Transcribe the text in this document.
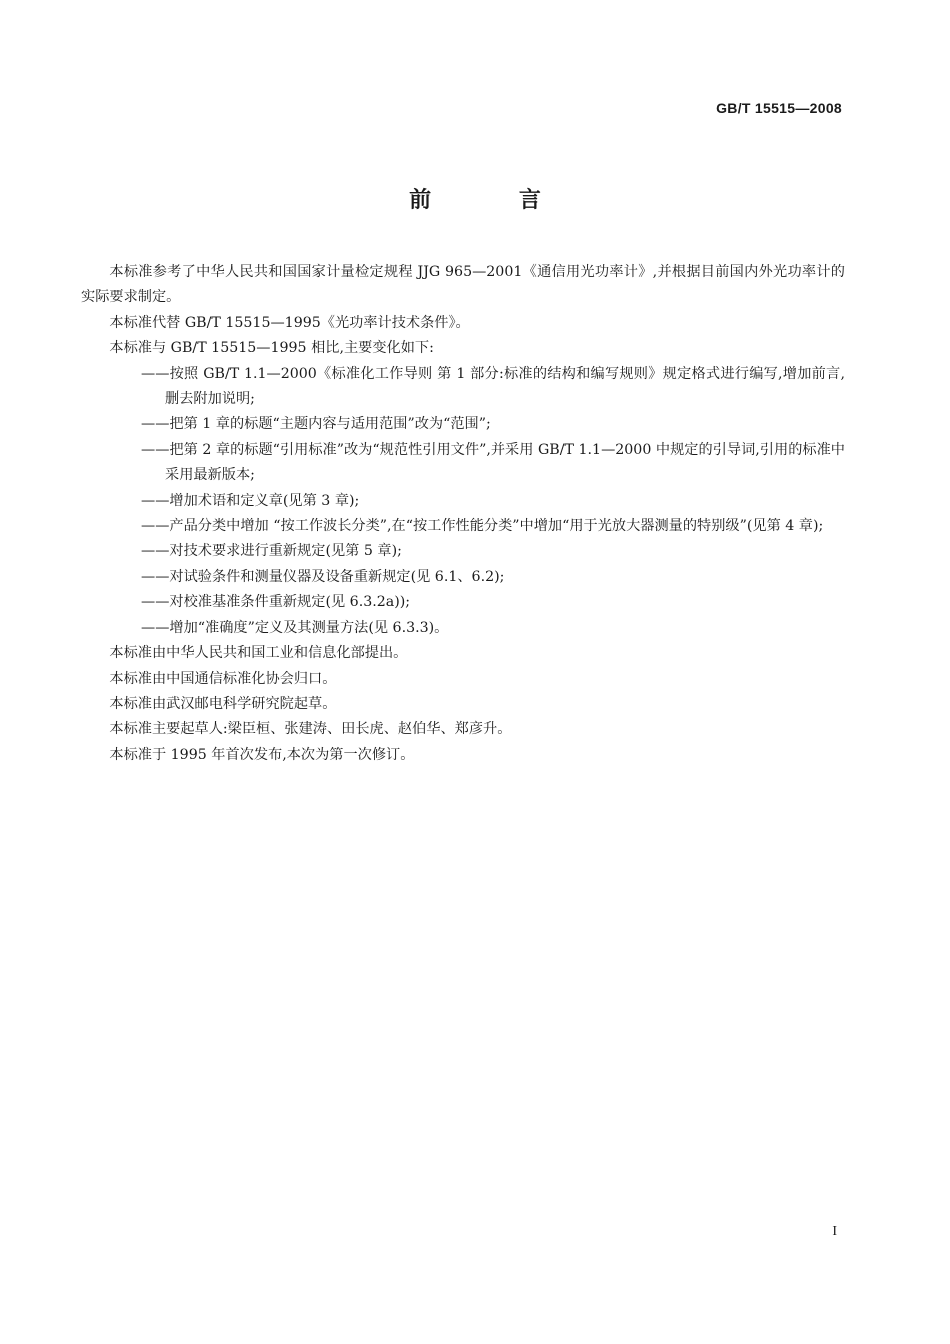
GB/T 15515—2008
前 言

本标准参考了中华人民共和国国家计量检定规程 JJG 965—2001《通信用光功率计》,并根据目前国内外光功率计的实际要求制定。

本标准代替 GB/T 15515—1995《光功率计技术条件》。

本标准与 GB/T 15515—1995 相比,主要变化如下:

——按照 GB/T 1.1—2000《标准化工作导则 第 1 部分:标准的结构和编写规则》规定格式进行编写,增加前言,删去附加说明;

——把第 1 章的标题“主题内容与适用范围”改为“范围”;

——把第 2 章的标题“引用标准”改为“规范性引用文件”,并采用 GB/T 1.1—2000 中规定的引导词,引用的标准中采用最新版本;

——增加术语和定义章(见第 3 章);

——产品分类中增加 “按工作波长分类”,在“按工作性能分类”中增加“用于光放大器测量的特别级”(见第 4 章);

——对技术要求进行重新规定(见第 5 章);

——对试验条件和测量仪器及设备重新规定(见 6.1、6.2);

——对校准基准条件重新规定(见 6.3.2a));

——增加“准确度”定义及其测量方法(见 6.3.3)。

本标准由中华人民共和国工业和信息化部提出。

本标准由中国通信标准化协会归口。

本标准由武汉邮电科学研究院起草。

本标准主要起草人:梁臣桓、张建涛、田长虎、赵伯华、郑彦升。

本标准于 1995 年首次发布,本次为第一次修订。

I
